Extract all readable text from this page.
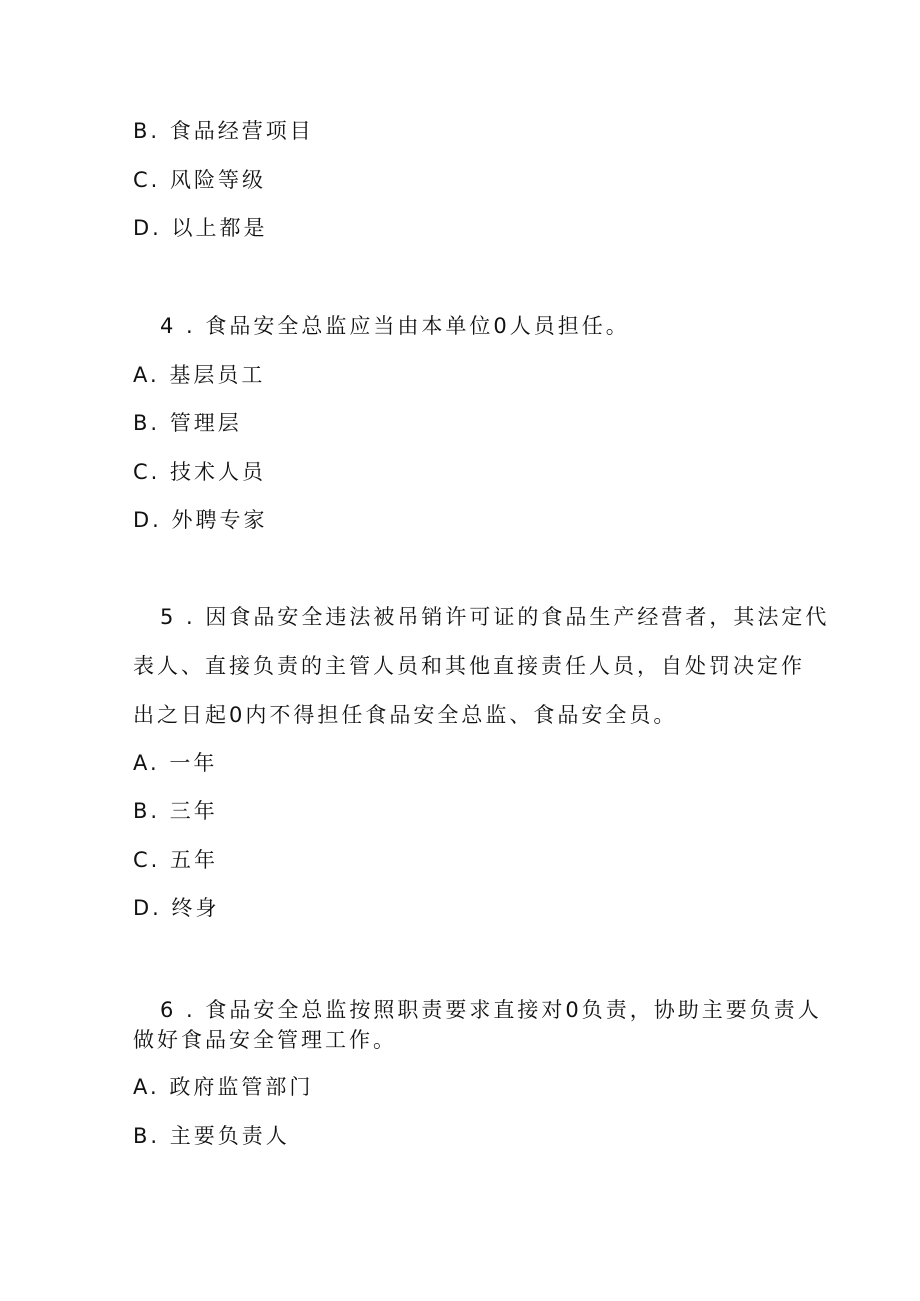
B. 食品经营项目
C. 风险等级
D. 以上都是
4 . 食品安全总监应当由本单位0人员担任。
A. 基层员工
B. 管理层
C. 技术人员
D. 外聘专家
5 . 因食品安全违法被吊销许可证的食品生产经营者，其法定代
表人、直接负责的主管人员和其他直接责任人员，自处罚决定作
出之日起0内不得担任食品安全总监、食品安全员。
A. 一年
B. 三年
C. 五年
D. 终身
6 . 食品安全总监按照职责要求直接对0负责，协助主要负责人
做好食品安全管理工作。
A. 政府监管部门
B. 主要负责人
